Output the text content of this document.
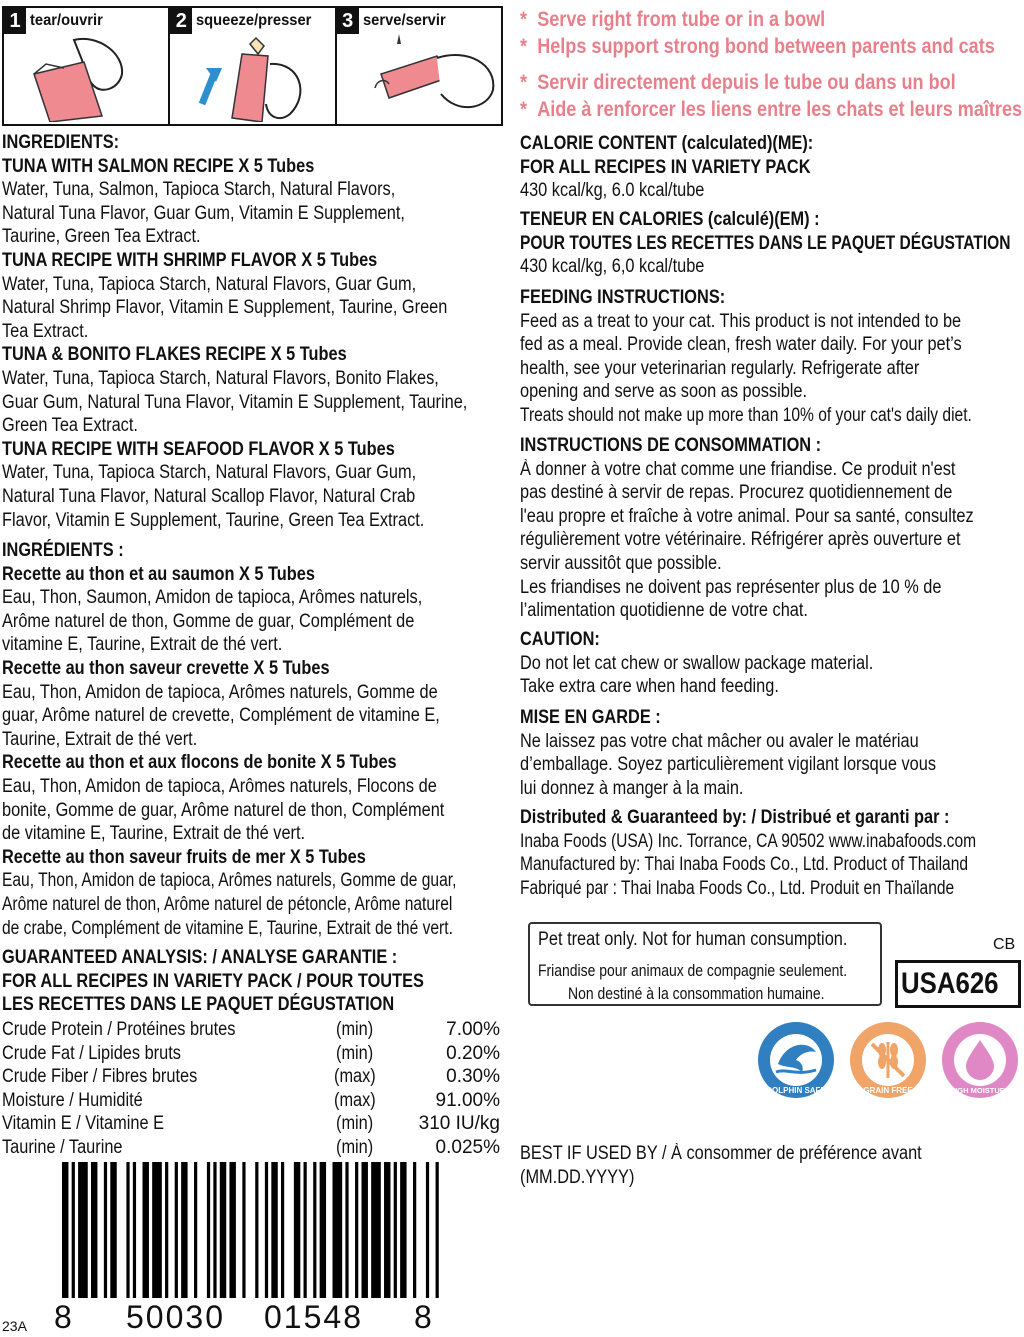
1 tear/ouvrir	2 squeeze/presser 3 serve/servir
INGREDIENTS:
TUNA WITH SALMON RECIPE X 5 Tubes
Water, Tuna, Salmon, Tapioca Starch, Natural Flavors,
Natural Tuna Flavor, Guar Gum, Vitamin E Supplement,
Taurine, Green Tea Extract.
TUNA RECIPE WITH SHRIMP FLAVOR X 5 Tubes
Water, Tuna, Tapioca Starch, Natural Flavors, Guar Gum,
Natural Shrimp Flavor, Vitamin E Supplement, Taurine, Green
Tea Extract.
TUNA & BONITO FLAKES RECIPE X 5 Tubes
Water, Tuna, Tapioca Starch, Natural Flavors, Bonito Flakes,
Guar Gum, Natural Tuna Flavor, Vitamin E Supplement, Taurine,
Green Tea Extract.
TUNA RECIPE WITH SEAFOOD FLAVOR X 5 Tubes
Water, Tuna, Tapioca Starch, Natural Flavors, Guar Gum,
Natural Tuna Flavor, Natural Scallop Flavor, Natural Crab
Flavor, Vitamin E Supplement, Taurine, Green Tea Extract.
INGRÉDIENTS :
Recette au thon et au saumon X 5 Tubes
Eau, Thon, Saumon, Amidon de tapioca, Arômes naturels,
Arôme naturel de thon, Gomme de guar, Complément de
vitamine E, Taurine, Extrait de thé vert.
Recette au thon saveur crevette X 5 Tubes
Eau, Thon, Amidon de tapioca, Arômes naturels, Gomme de
guar, Arôme naturel de crevette, Complément de vitamine E,
Taurine, Extrait de thé vert.
Recette au thon et aux flocons de bonite X 5 Tubes
Eau, Thon, Amidon de tapioca, Arômes naturels, Flocons de
bonite, Gomme de guar, Arôme naturel de thon, Complément
de vitamine E, Taurine, Extrait de thé vert.
Recette au thon saveur fruits de mer X 5 Tubes
Eau, Thon, Amidon de tapioca, Arômes naturels, Gomme de guar,
Arôme naturel de thon, Arôme naturel de pétoncle, Arôme naturel
de crabe, Complément de vitamine E, Taurine, Extrait de thé vert.
GUARANTEED ANALYSIS: / ANALYSE GARANTIE :
FOR ALL RECIPES IN VARIETY PACK / POUR TOUTES
LES RECETTES DANS LE PAQUET DÉGUSTATION
Crude Protein / Protéines brutes	(min)	7.00%
Crude Fat / Lipides bruts	(min)	0.20%
Crude Fiber / Fibres brutes	(max)	0.30%
Moisture / Humidité	(max)	91.00%
Vitamin E / Vitamine E	(min) 310 IU/kg
Taurine / Taurine	(min)	0.025%
23A 8 50030 01548 8
* Serve right from tube or in a bowl
* Helps support strong bond between parents and cats
* Servir directement depuis le tube ou dans un bol
* Aide à renforcer les liens entre les chats et leurs maîtres
CALORIE CONTENT (calculated)(ME):
FOR ALL RECIPES IN VARIETY PACK
430 kcal/kg, 6.0 kcal/tube
TENEUR EN CALORIES (calculé)(EM) :
POUR TOUTES LES RECETTES DANS LE PAQUET DÉGUSTATION
430 kcal/kg, 6,0 kcal/tube
FEEDING INSTRUCTIONS:
Feed as a treat to your cat. This product is not intended to be
fed as a meal. Provide clean, fresh water daily. For your pet’s
health, see your veterinarian regularly. Refrigerate after
opening and serve as soon as possible.
Treats should not make up more than 10% of your cat's daily diet.
INSTRUCTIONS DE CONSOMMATION :
À donner à votre chat comme une friandise. Ce produit n'est
pas destiné à servir de repas. Procurez quotidiennement de
l'eau propre et fraîche à votre animal. Pour sa santé, consultez
régulièrement votre vétérinaire. Réfrigérer après ouverture et
servir aussitôt que possible.
Les friandises ne doivent pas représenter plus de 10 % de
l’alimentation quotidienne de votre chat.
CAUTION:
Do not let cat chew or swallow package material.
Take extra care when hand feeding.
MISE EN GARDE :
Ne laissez pas votre chat mâcher ou avaler le matériau
d’emballage. Soyez particulièrement vigilant lorsque vous
lui donnez à manger à la main.
Distributed & Guaranteed by: / Distribué et garanti par :
Inaba Foods (USA) Inc. Torrance, CA 90502 www.inabafoods.com
Manufactured by: Thai Inaba Foods Co., Ltd. Product of Thailand
Fabriqué par : Thai Inaba Foods Co., Ltd. Produit en Thaïlande
Pet treat only. Not for human consumption.
Friandise pour animaux de compagnie seulement.
Non destiné à la consommation humaine.
CB
USA626
DOLPHIN SAFE	GRAIN FREE	HIGH MOISTURE
BEST IF USED BY / À consommer de préférence avant
(MM.DD.YYYY)
